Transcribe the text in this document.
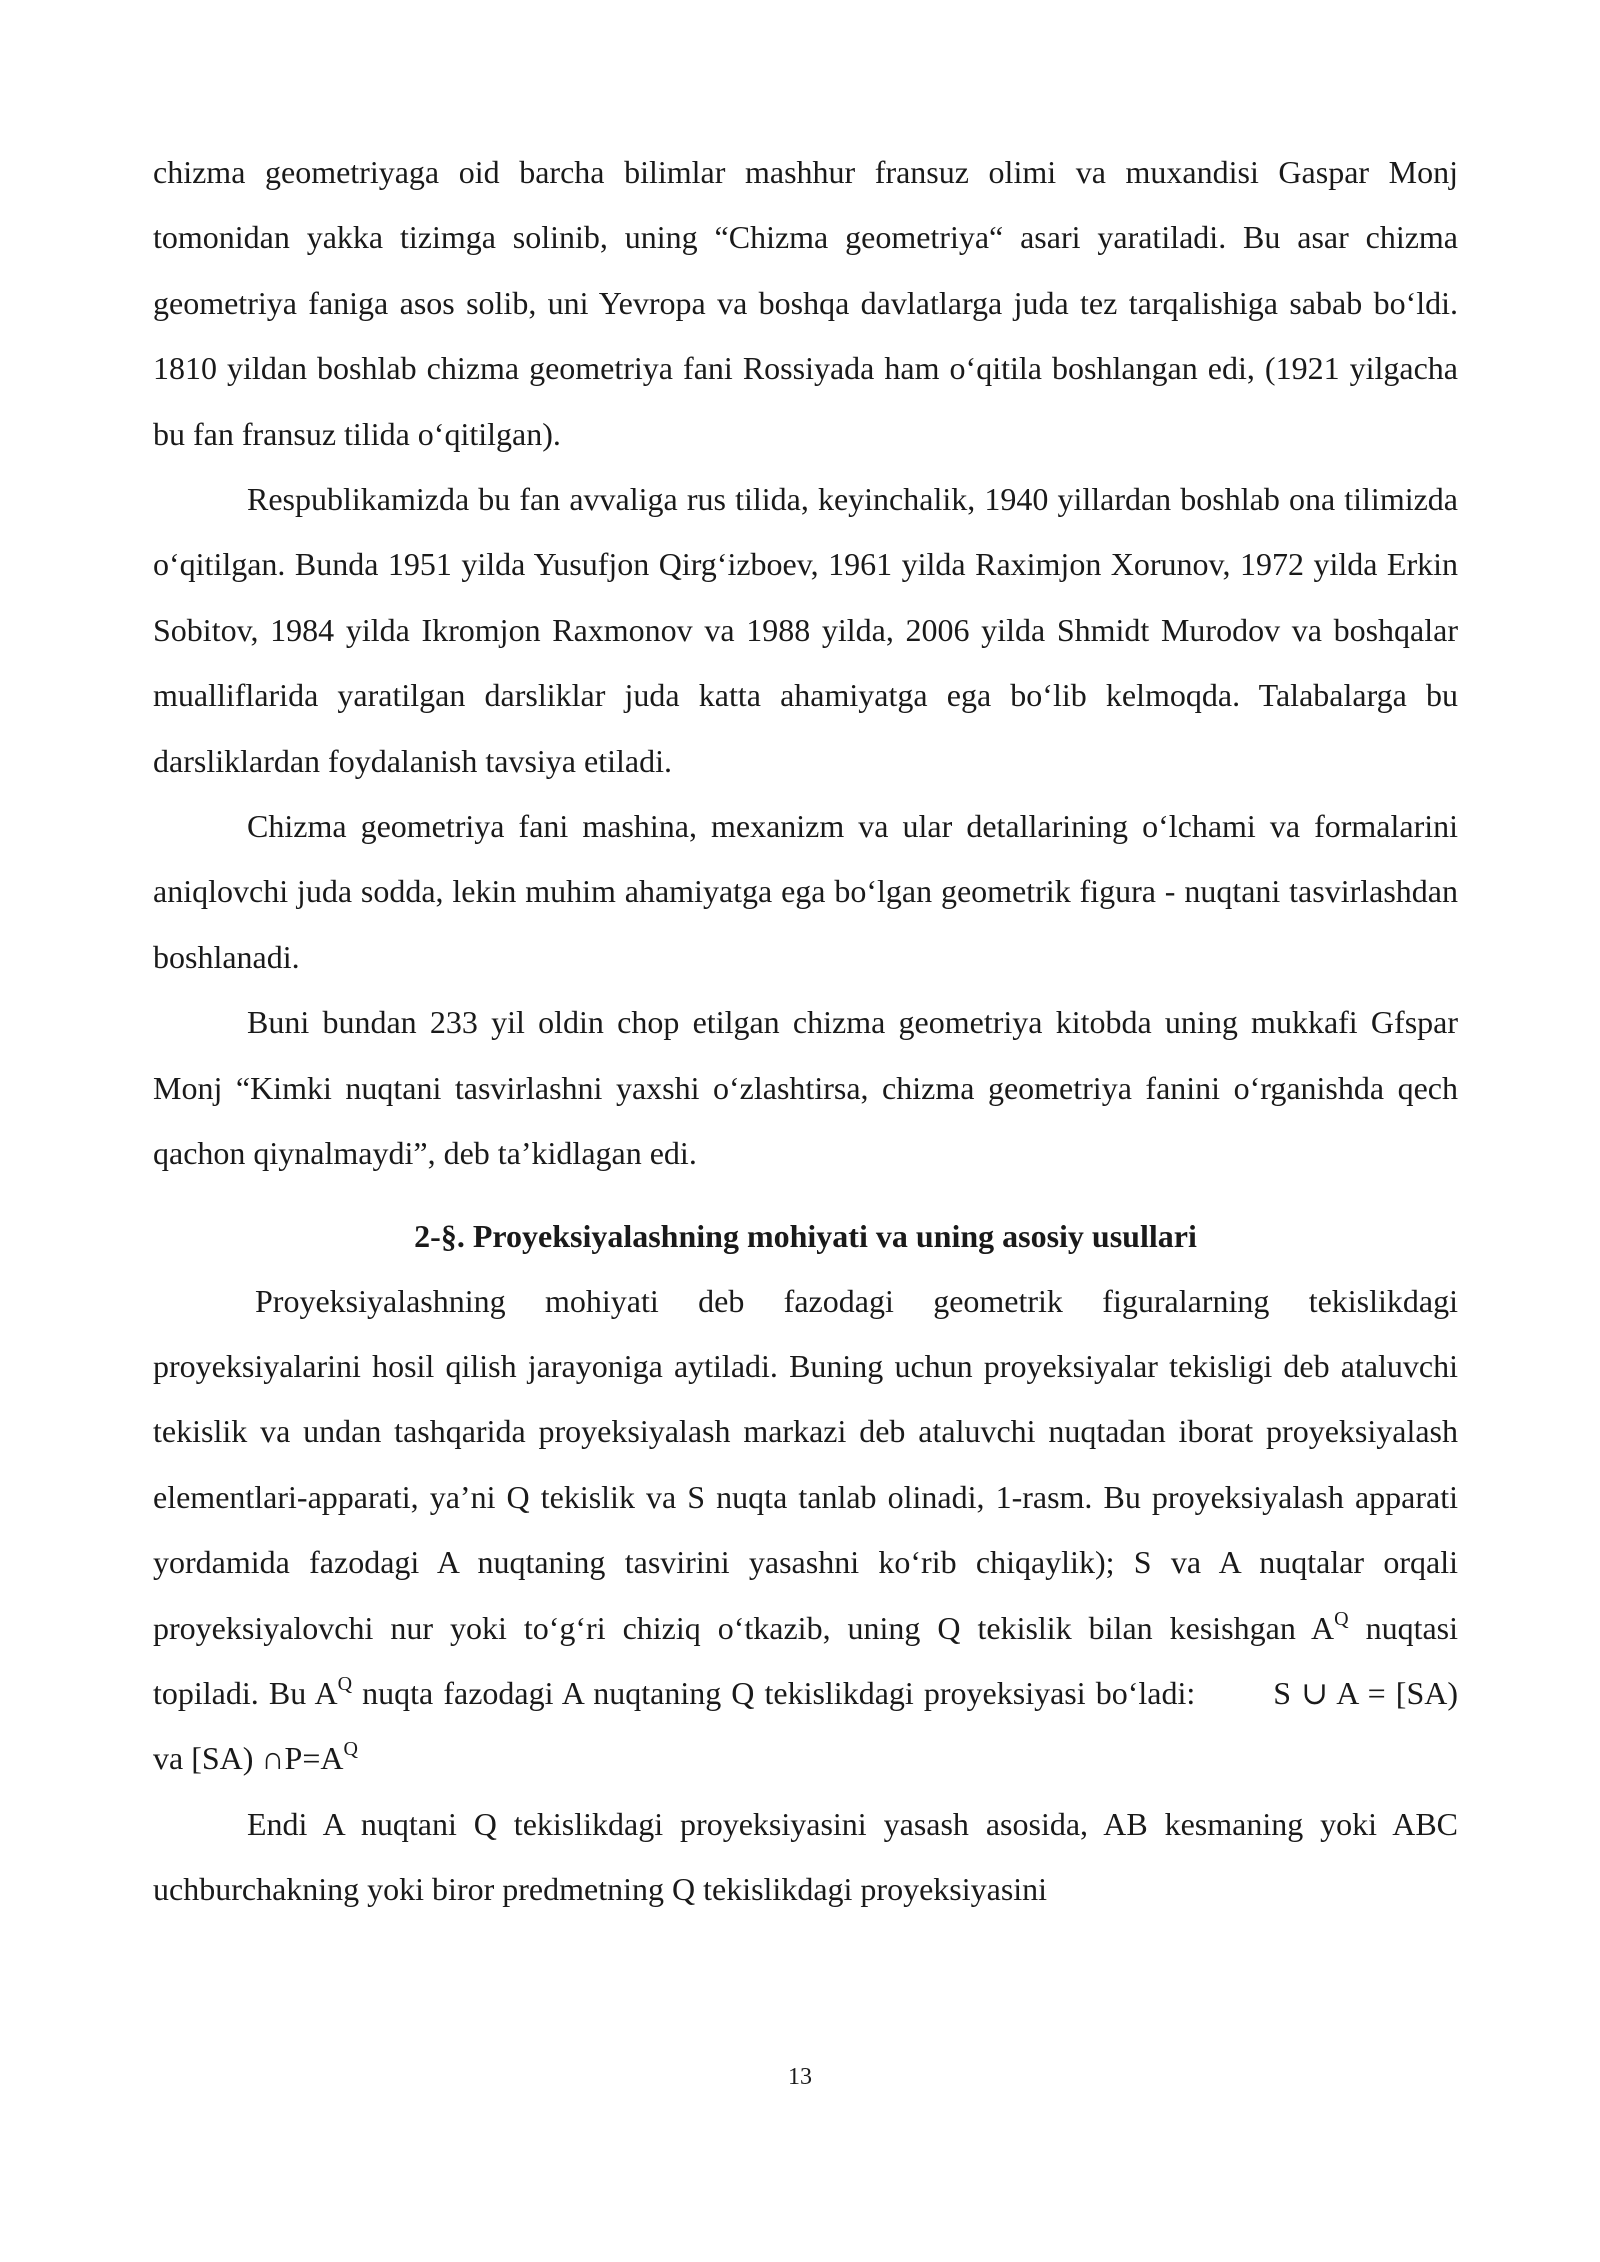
chizma geometriyaga oid barcha bilimlar mashhur fransuz olimi va muxandisi Gaspar Monj tomonidan yakka tizimga solinib, uning “Chizma geometriya“ asari yaratiladi. Bu asar chizma geometriya faniga asos solib, uni Yevropa va boshqa davlatlarga juda tez tarqalishiga sabab bo‘ldi. 1810 yildan boshlab chizma geometriya fani Rossiyada ham o‘qitila boshlangan edi, (1921 yilgacha bu fan fransuz tilida o‘qitilgan).

Respublikamizda bu fan avvaliga rus tilida, keyinchalik, 1940 yillardan boshlab ona tilimizda o‘qitilgan. Bunda 1951 yilda Yusufjon Qirg‘izboev, 1961 yilda Raximjon Xorunov, 1972 yilda Erkin Sobitov, 1984 yilda Ikromjon Raxmonov va 1988 yilda, 2006 yilda Shmidt Murodov va boshqalar mualliflarida yaratilgan darsliklar juda katta ahamiyatga ega bo‘lib kelmoqda. Talabalarga bu darsliklardan foydalanish tavsiya etiladi.

Chizma geometriya fani mashina, mexanizm va ular detallarining o‘lchami va formalarini aniqlovchi juda sodda, lekin muhim ahamiyatga ega bo‘lgan geometrik figura - nuqtani tasvirlashdan boshlanadi.

Buni bundan 233 yil oldin chop etilgan chizma geometriya kitobda uning mukkafi Gfspar Monj “Kimki nuqtani tasvirlashni yaxshi o‘zlashtirsa, chizma geometriya fanini o‘rganishda qech qachon qiynalmaydi”, deb ta’kidlagan edi.

2-§. Proyeksiyalashning mohiyati va uning asosiy usullari

Proyeksiyalashning mohiyati deb fazodagi geometrik figuralarning tekislikdagi proyeksiyalarini hosil qilish jarayoniga aytiladi. Buning uchun proyeksiyalar tekisligi deb ataluvchi tekislik va undan tashqarida proyeksiyalash markazi deb ataluvchi nuqtadan iborat proyeksiyalash elementlari-apparati, ya’ni Q tekislik va S nuqta tanlab olinadi, 1-rasm. Bu proyeksiyalash apparati yordamida fazodagi A nuqtaning tasvirini yasashni ko‘rib chiqaylik); S va A nuqtalar orqali proyeksiyalovchi nur yoki to‘g‘ri chiziq o‘tkazib, uning Q tekislik bilan kesishgan $A^Q$ nuqtasi topiladi. Bu $A^Q$ nuqta fazodagi A nuqtaning Q tekislikdagi proyeksiyasi bo‘ladi: S ∪ A = [SA) va [SA) $\cap P=A^Q$

Endi A nuqtani Q tekislikdagi proyeksiyasini yasash asosida, AB kesmaning yoki ABC uchburchakning yoki biror predmetning Q tekislikdagi proyeksiyasini

13
